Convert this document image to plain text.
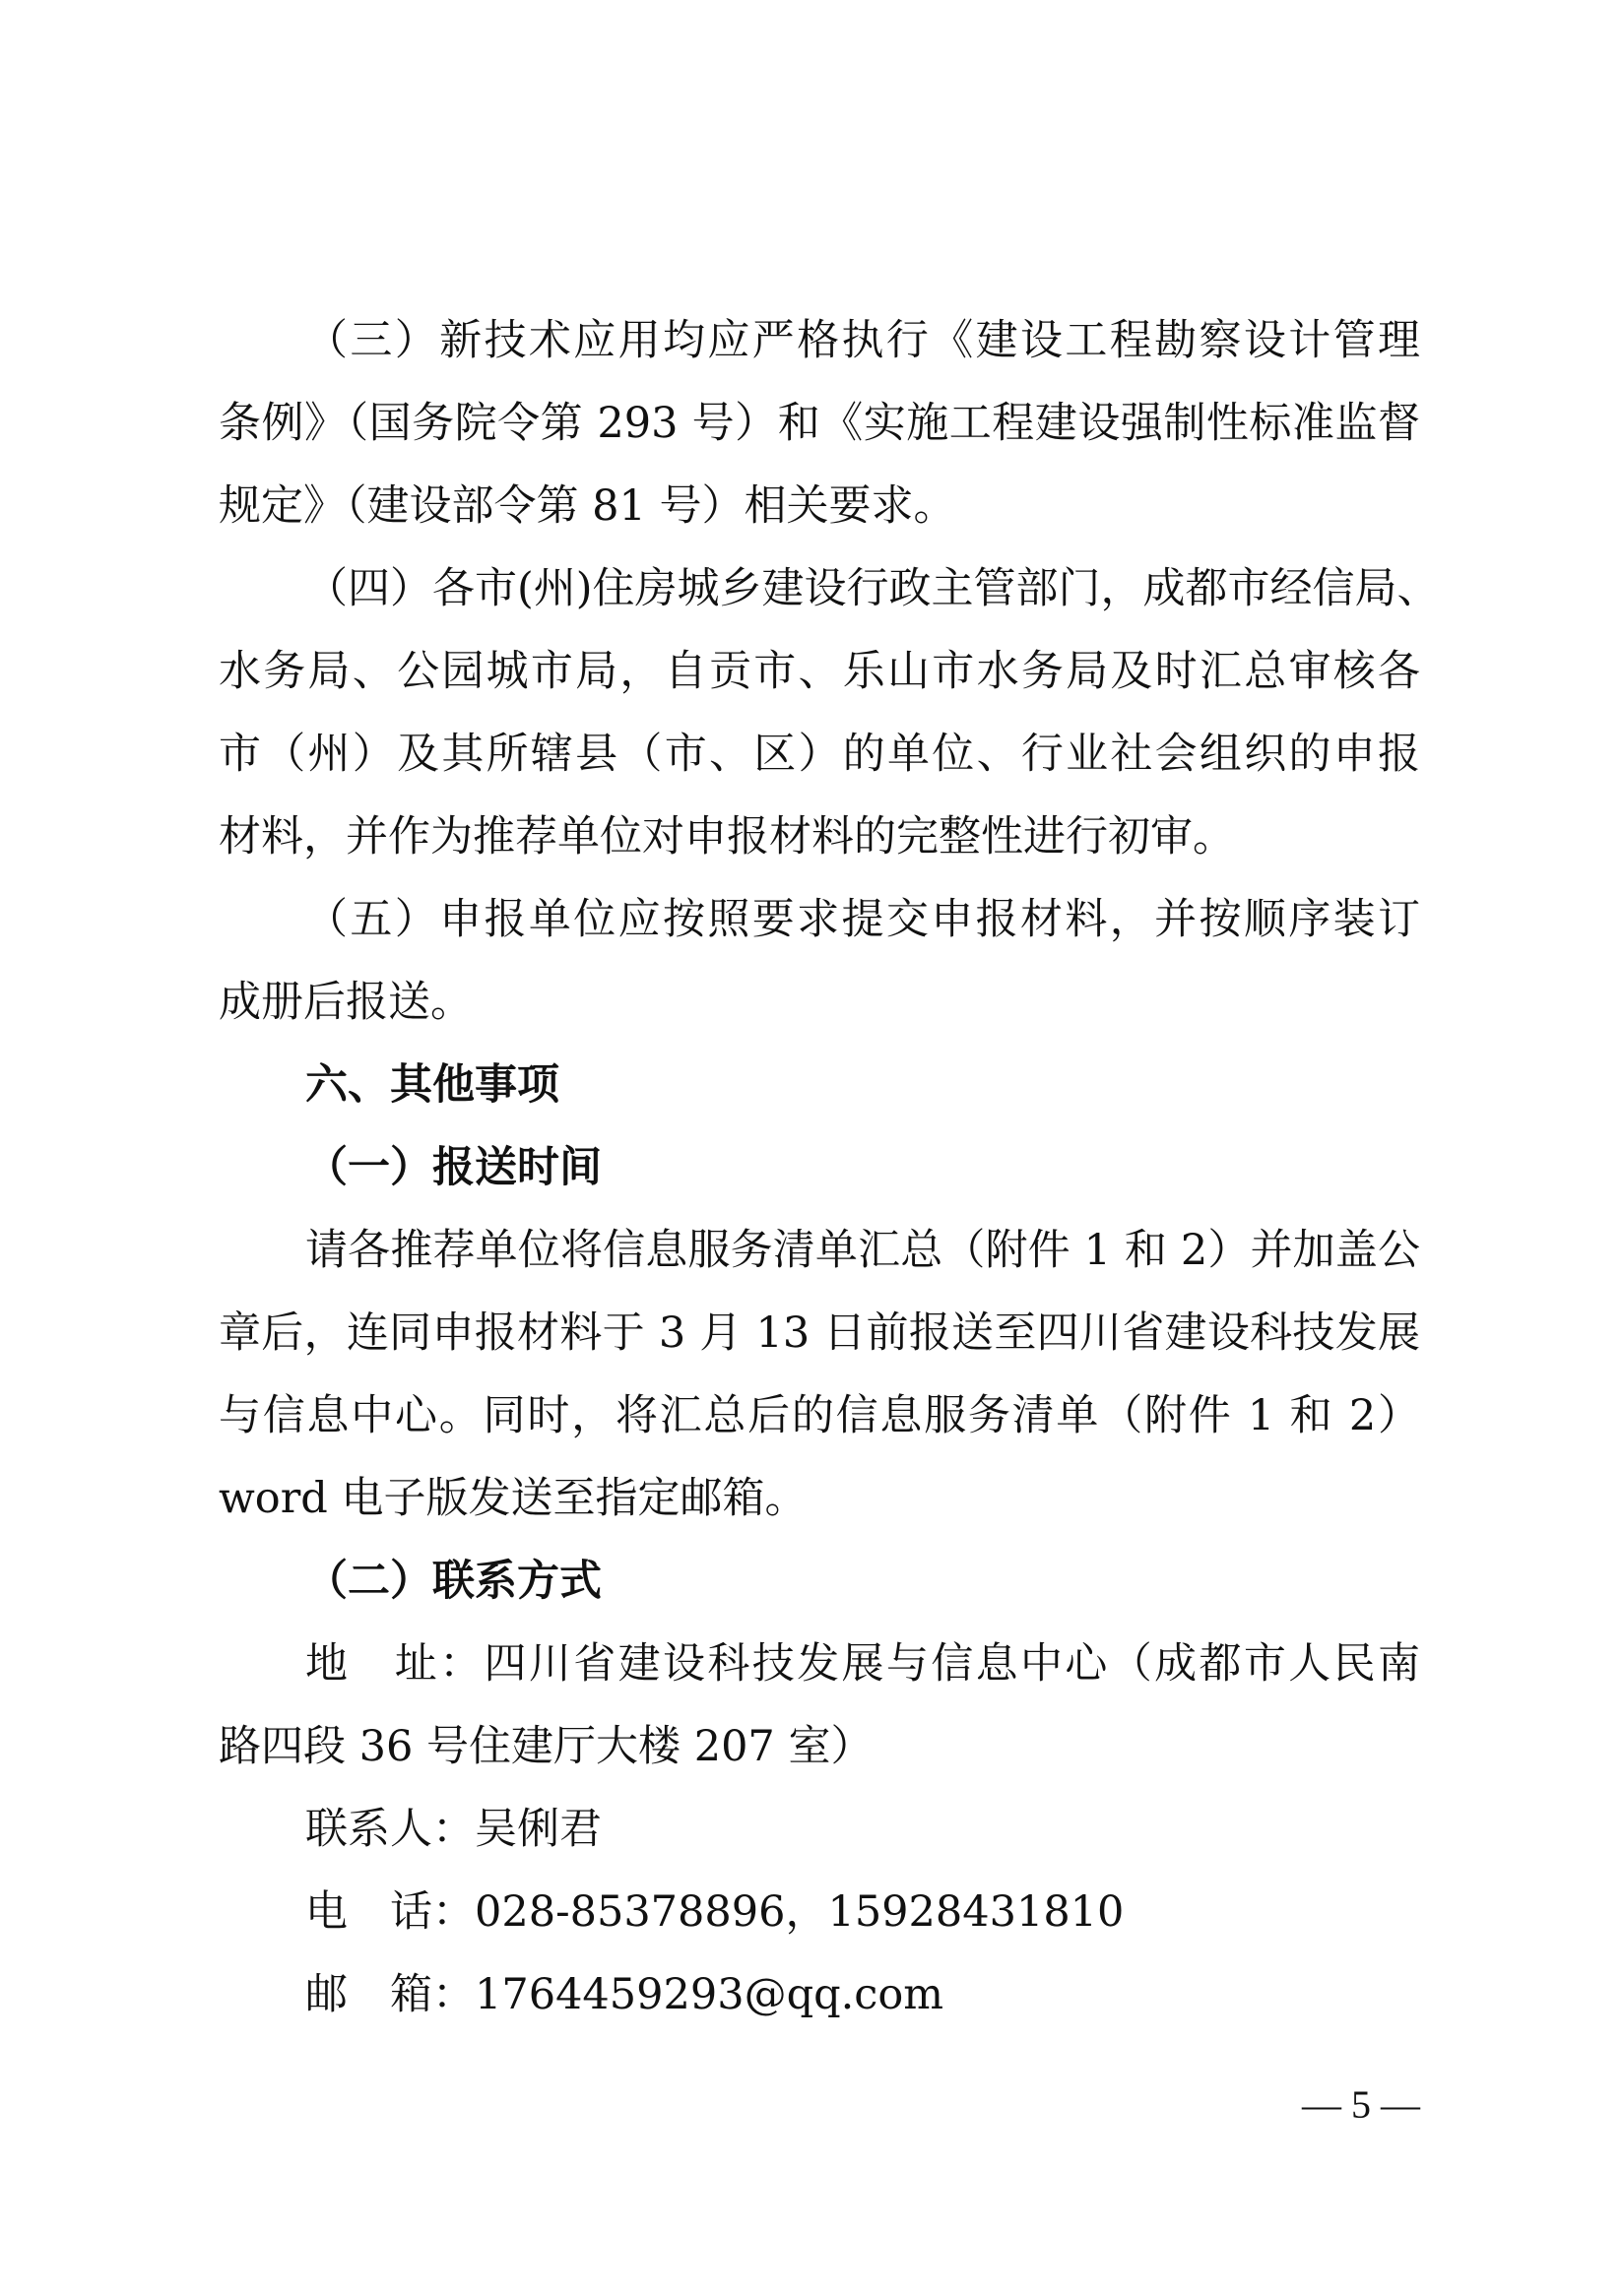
（三）新技术应用均应严格执行《建设工程勘察设计管理
条例》（国务院令第 293 号）和《实施工程建设强制性标准监督
规定》（建设部令第 81 号）相关要求。
（四）各市(州)住房城乡建设行政主管部门，成都市经信局、
水务局、公园城市局，自贡市、乐山市水务局及时汇总审核各
市（州）及其所辖县（市、区）的单位、行业社会组织的申报
材料，并作为推荐单位对申报材料的完整性进行初审。
（五）申报单位应按照要求提交申报材料，并按顺序装订
成册后报送。
六、其他事项
（一）报送时间
请各推荐单位将信息服务清单汇总（附件 1 和 2）并加盖公
章后，连同申报材料于 3 月 13 日前报送至四川省建设科技发展
与信息中心。同时，将汇总后的信息服务清单（附件 1 和 2）
word 电子版发送至指定邮箱。
（二）联系方式
地　址：四川省建设科技发展与信息中心（成都市人民南
路四段 36 号住建厅大楼 207 室）
联系人：吴俐君
电　话：028-85378896，15928431810
邮　箱：1764459293@qq.com
— 5 —
